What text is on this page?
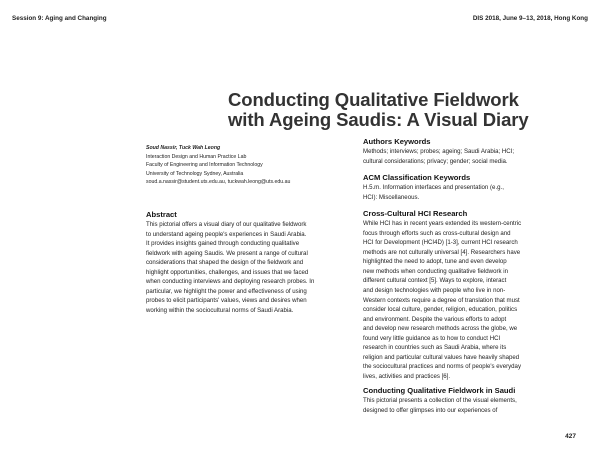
Session 9: Aging and Changing	DIS 2018, June 9–13, 2018, Hong Kong
Conducting Qualitative Fieldwork
with Ageing Saudis: A Visual Diary
Soud Nassir, Tuck Wah Leong
Interaction Design and Human Practice Lab
Faculty of Engineering and Information Technology
University of Technology Sydney, Australia
soud.a.nassir@student.uts.edu.au, tuckwah.leong@uts.edu.au
Abstract
This pictorial offers a visual diary of our qualitative fieldwork
to understand ageing people's experiences in Saudi Arabia.
It provides insights gained through conducting qualitative
fieldwork with ageing Saudis. We present a range of cultural
considerations that shaped the design of the fieldwork and
highlight opportunities, challenges, and issues that we faced
when conducting interviews and deploying research probes. In
particular, we highlight the power and effectiveness of using
probes to elicit participants' values, views and desires when
working within the sociocultural norms of Saudi Arabia.
Authors Keywords
Methods; interviews; probes; ageing; Saudi Arabia; HCI;
cultural considerations; privacy; gender; social media.
ACM Classification Keywords
H.5.m. Information interfaces and presentation (e.g.,
HCI): Miscellaneous.
Cross-Cultural HCI Research
While HCI has in recent years extended its western-centric
focus through efforts such as cross-cultural design and
HCI for Development (HCI4D) [1-3], current HCI research
methods are not culturally universal [4]. Researchers have
highlighted the need to adopt, tune and even develop
new methods when conducting qualitative fieldwork in
different cultural context [5]. Ways to explore, interact
and design technologies with people who live in non-
Western contexts require a degree of translation that must
consider local culture, gender, religion, education, politics
and environment. Despite the various efforts to adopt
and develop new research methods across the globe, we
found very little guidance as to how to conduct HCI
research in countries such as Saudi Arabia, where its
religion and particular cultural values have heavily shaped
the sociocultural practices and norms of people's everyday
lives, activities and practices [6].
Conducting Qualitative Fieldwork in Saudi
This pictorial presents a collection of the visual elements,
designed to offer glimpses into our experiences of
427
